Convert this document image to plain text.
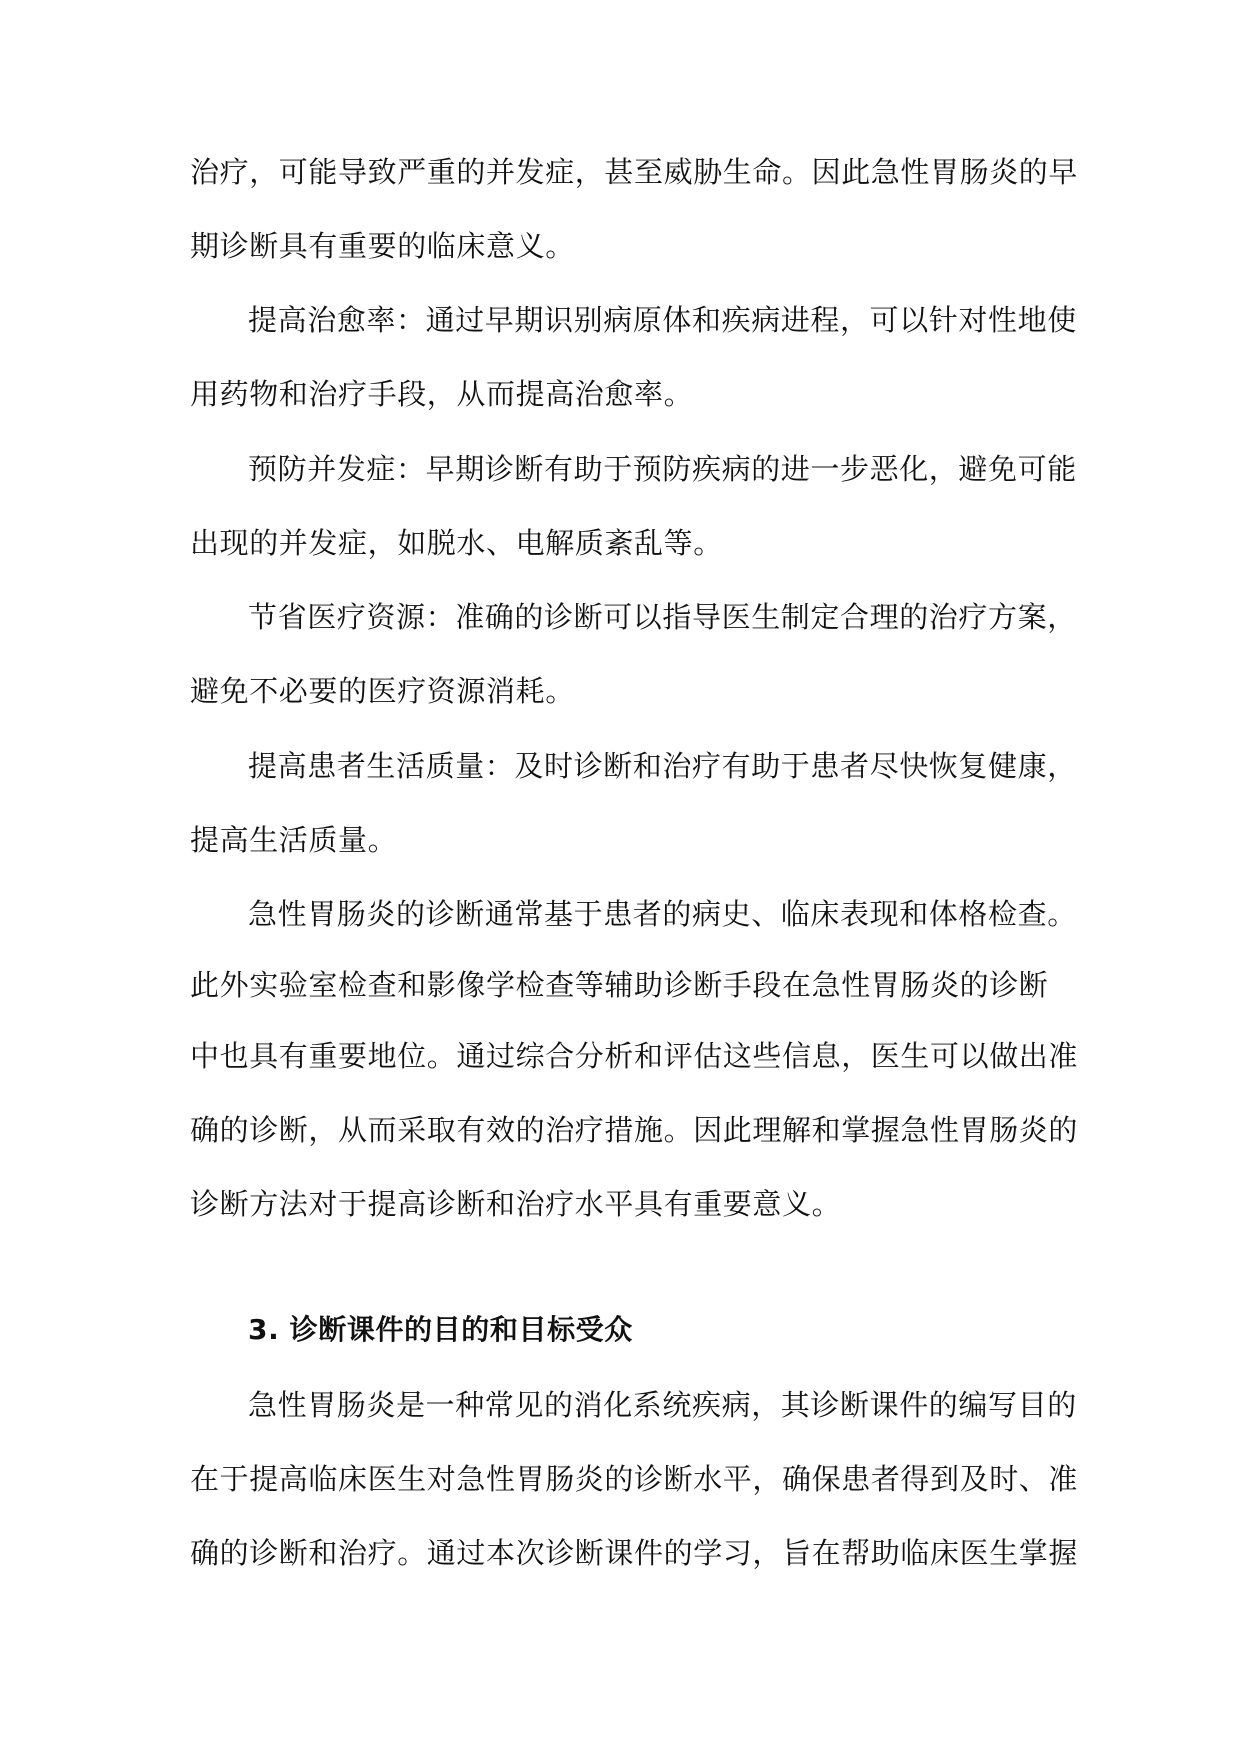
治疗，可能导致严重的并发症，甚至威胁生命。因此急性胃肠炎的早

期诊断具有重要的临床意义。

提高治愈率：通过早期识别病原体和疾病进程，可以针对性地使

用药物和治疗手段，从而提高治愈率。

预防并发症：早期诊断有助于预防疾病的进一步恶化，避免可能

出现的并发症，如脱水、电解质紊乱等。

节省医疗资源：准确的诊断可以指导医生制定合理的治疗方案，

避免不必要的医疗资源消耗。

提高患者生活质量：及时诊断和治疗有助于患者尽快恢复健康，

提高生活质量。

急性胃肠炎的诊断通常基于患者的病史、临床表现和体格检查。

此外实验室检查和影像学检查等辅助诊断手段在急性胃肠炎的诊断

中也具有重要地位。通过综合分析和评估这些信息，医生可以做出准

确的诊断，从而采取有效的治疗措施。因此理解和掌握急性胃肠炎的

诊断方法对于提高诊断和治疗水平具有重要意义。

3. 诊断课件的目的和目标受众

急性胃肠炎是一种常见的消化系统疾病，其诊断课件的编写目的

在于提高临床医生对急性胃肠炎的诊断水平，确保患者得到及时、准

确的诊断和治疗。通过本次诊断课件的学习，旨在帮助临床医生掌握
